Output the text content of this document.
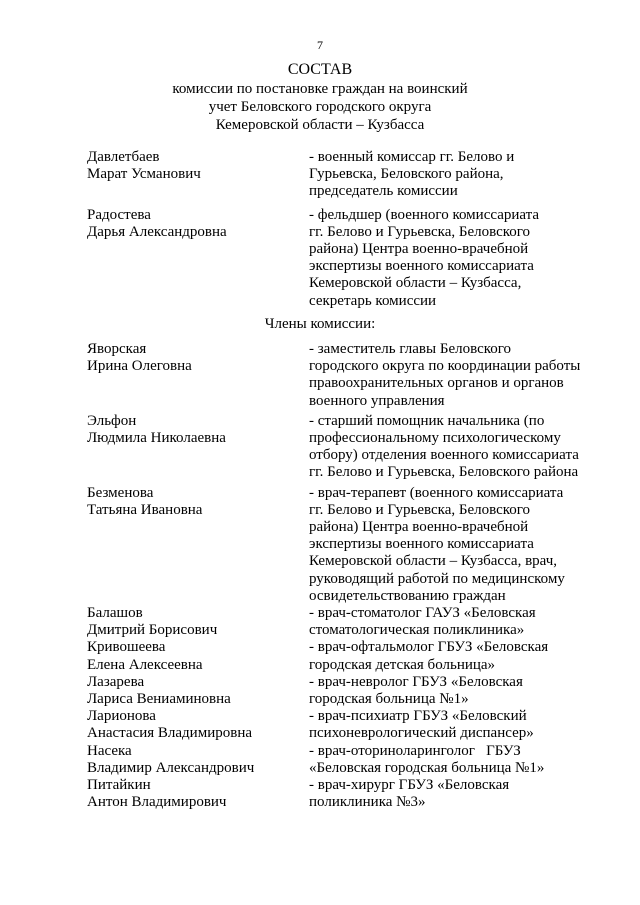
7
СОСТАВ
комиссии по постановке граждан на воинский
учет Беловского городского округа
Кемеровской области – Кузбасса
Давлетбаев
Марат Усманович
- военный комиссар гг. Белово и
Гурьевска, Беловского района,
председатель комиссии
Радостева
Дарья Александровна
- фельдшер (военного комиссариата
гг. Белово и Гурьевска, Беловского
района) Центра военно-врачебной
экспертизы военного комиссариата
Кемеровской области – Кузбасса,
секретарь комиссии
Члены комиссии:
Яворская
Ирина Олеговна
- заместитель главы Беловского
городского округа по координации работы
правоохранительных органов и органов
военного управления
Эльфон
Людмила Николаевна
- старший помощник начальника (по
профессиональному психологическому
отбору) отделения военного комиссариата
гг. Белово и Гурьевска, Беловского района
Безменова
Татьяна Ивановна
- врач-терапевт (военного комиссариата
гг. Белово и Гурьевска, Беловского
района) Центра военно-врачебной
экспертизы военного комиссариата
Кемеровской области – Кузбасса, врач,
руководящий работой по медицинскому
освидетельствованию граждан
Балашов
Дмитрий Борисович
- врач-стоматолог ГАУЗ «Беловская
стоматологическая поликлиника»
Кривошеева
Елена Алексеевна
- врач-офтальмолог ГБУЗ «Беловская
городская детская больница»
Лазарева
Лариса Вениаминовна
- врач-невролог ГБУЗ «Беловская
городская больница №1»
Ларионова
Анастасия Владимировна
- врач-психиатр ГБУЗ «Беловский
психоневрологический диспансер»
Насека
Владимир Александрович
- врач-оториноларинголог   ГБУЗ
«Беловская городская больница №1»
Питайкин
Антон Владимирович
- врач-хирург ГБУЗ «Беловская
поликлиника №3»
